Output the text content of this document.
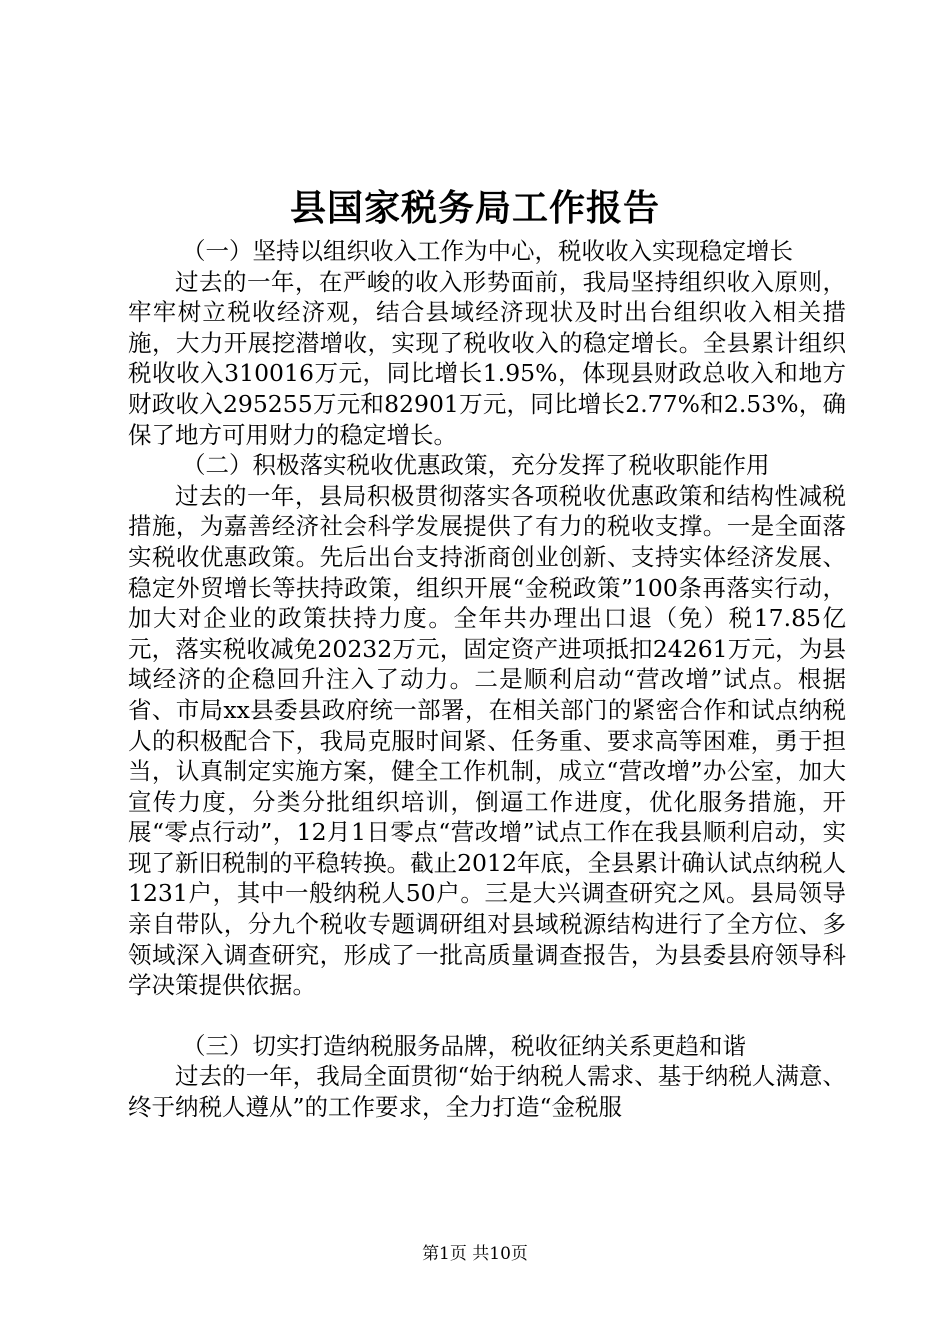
县国家税务局工作报告

（一）坚持以组织收入工作为中心，税收收入实现稳定增长

过去的一年，在严峻的收入形势面前，我局坚持组织收入原则，牢牢树立税收经济观，结合县域经济现状及时出台组织收入相关措施，大力开展挖潜增收，实现了税收收入的稳定增长。全县累计组织税收收入310016万元，同比增长1.95%，体现县财政总收入和地方财政收入295255万元和82901万元，同比增长2.77%和2.53%，确保了地方可用财力的稳定增长。

（二）积极落实税收优惠政策，充分发挥了税收职能作用

过去的一年，县局积极贯彻落实各项税收优惠政策和结构性减税措施，为嘉善经济社会科学发展提供了有力的税收支撑。一是全面落实税收优惠政策。先后出台支持浙商创业创新、支持实体经济发展、稳定外贸增长等扶持政策，组织开展“金税政策”100条再落实行动，加大对企业的政策扶持力度。全年共办理出口退（免）税17.85亿元，落实税收减免20232万元，固定资产进项抵扣24261万元，为县域经济的企稳回升注入了动力。二是顺利启动“营改增”试点。根据省、市局xx县委县政府统一部署，在相关部门的紧密合作和试点纳税人的积极配合下，我局克服时间紧、任务重、要求高等困难，勇于担当，认真制定实施方案，健全工作机制，成立“营改增”办公室，加大宣传力度，分类分批组织培训，倒逼工作进度，优化服务措施，开展“零点行动”，12月1日零点“营改增”试点工作在我县顺利启动，实现了新旧税制的平稳转换。截止2012年底，全县累计确认试点纳税人1231户，其中一般纳税人50户。三是大兴调查研究之风。县局领导亲自带队，分九个税收专题调研组对县域税源结构进行了全方位、多领域深入调查研究，形成了一批高质量调查报告，为县委县府领导科学决策提供依据。

（三）切实打造纳税服务品牌，税收征纳关系更趋和谐

过去的一年，我局全面贯彻“始于纳税人需求、基于纳税人满意、终于纳税人遵从”的工作要求，全力打造“金税服

第1页 共10页
